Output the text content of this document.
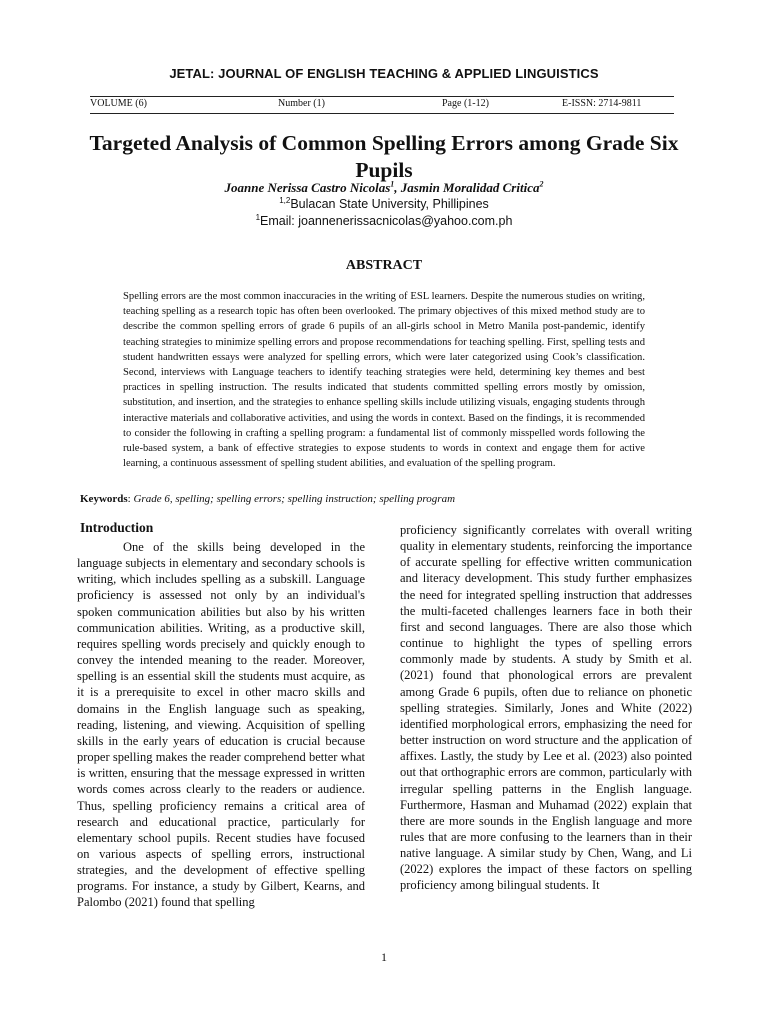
JETAL: JOURNAL OF ENGLISH TEACHING & APPLIED LINGUISTICS
VOLUME (6)	Number (1)	Page (1-12)	E-ISSN: 2714-9811
Targeted Analysis of Common Spelling Errors among Grade Six Pupils
Joanne Nerissa Castro Nicolas$^1$, Jasmin Moralidad Critica$^2$
$^{1,2}$Bulacan State University, Phillipines
$^1$Email: joannenerissacnicolas@yahoo.com.ph
ABSTRACT

Spelling errors are the most common inaccuracies in the writing of ESL learners. Despite the numerous studies on writing, teaching spelling as a research topic has often been overlooked. The primary objectives of this mixed method study are to describe the common spelling errors of grade 6 pupils of an all-girls school in Metro Manila post-pandemic, identify teaching strategies to minimize spelling errors and propose recommendations for teaching spelling. First, spelling tests and student handwritten essays were analyzed for spelling errors, which were later categorized using Cook’s classification. Second, interviews with Language teachers to identify teaching strategies were held, determining key themes and best practices in spelling instruction. The results indicated that students committed spelling errors mostly by omission, substitution, and insertion, and the strategies to enhance spelling skills include utilizing visuals, engaging students through interactive materials and collaborative activities, and using the words in context. Based on the findings, it is recommended to consider the following in crafting a spelling program: a fundamental list of commonly misspelled words following the rule-based system, a bank of effective strategies to expose students to words in context and engage them for active learning, a continuous assessment of spelling student abilities, and evaluation of the spelling program.

Keywords: Grade 6, spelling; spelling errors; spelling instruction; spelling program
Introduction

One of the skills being developed in the language subjects in elementary and secondary schools is writing, which includes spelling as a subskill. Language proficiency is assessed not only by an individual's spoken communication abilities but also by his written communication abilities. Writing, as a productive skill, requires spelling words precisely and quickly enough to convey the intended meaning to the reader. Moreover, spelling is an essential skill the students must acquire, as it is a prerequisite to excel in other macro skills and domains in the English language such as speaking, reading, listening, and viewing. Acquisition of spelling skills in the early years of education is crucial because proper spelling makes the reader comprehend better what is written, ensuring that the message expressed in written words comes across clearly to the readers or audience. Thus, spelling proficiency remains a critical area of research and educational practice, particularly for elementary school pupils. Recent studies have focused on various aspects of spelling errors, instructional strategies, and the development of effective spelling programs. For instance, a study by Gilbert, Kearns, and Palombo (2021) found that spelling

proficiency significantly correlates with overall writing quality in elementary students, reinforcing the importance of accurate spelling for effective written communication and literacy development. This study further emphasizes the need for integrated spelling instruction that addresses the multi-faceted challenges learners face in both their first and second languages. There are also those which continue to highlight the types of spelling errors commonly made by students. A study by Smith et al. (2021) found that phonological errors are prevalent among Grade 6 pupils, often due to reliance on phonetic spelling strategies. Similarly, Jones and White (2022) identified morphological errors, emphasizing the need for better instruction on word structure and the application of affixes. Lastly, the study by Lee et al. (2023) also pointed out that orthographic errors are common, particularly with irregular spelling patterns in the English language. Furthermore, Hasman and Muhamad (2022) explain that there are more sounds in the English language and more rules that are more confusing to the learners than in their native language. A similar study by Chen, Wang, and Li (2022) explores the impact of these factors on spelling proficiency among bilingual students. It

1
